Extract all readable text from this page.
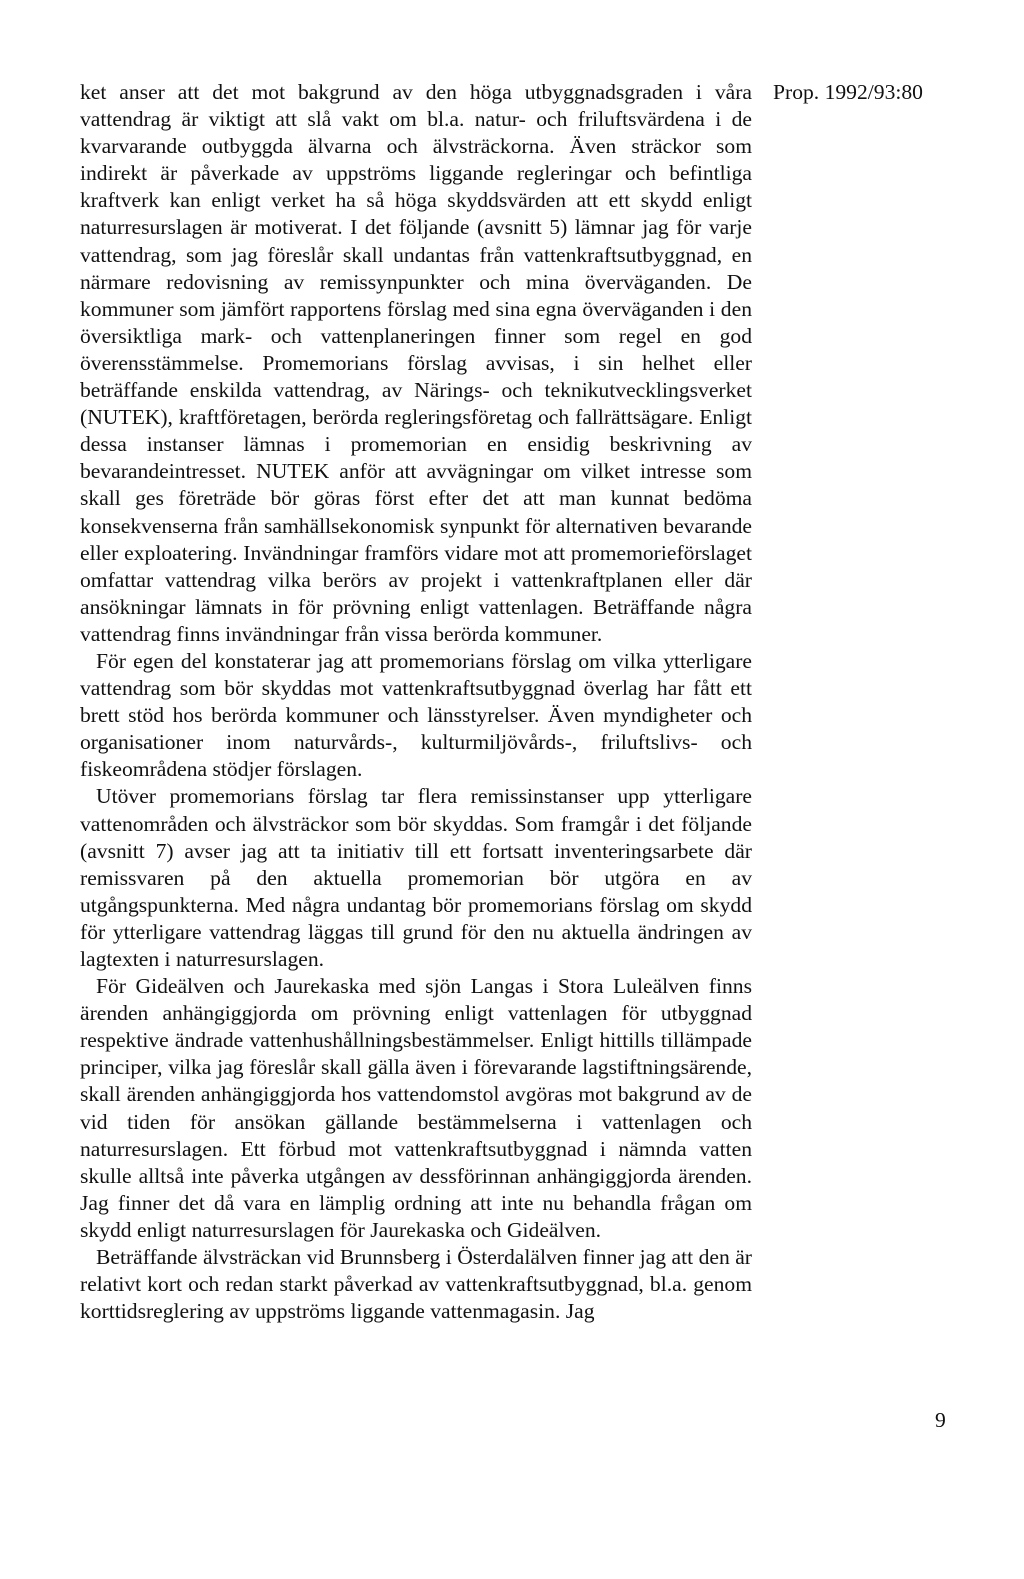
Prop. 1992/93:80

ket anser att det mot bakgrund av den höga utbyggnadsgraden i våra vattendrag är viktigt att slå vakt om bl.a. natur- och friluftsvärdena i de kvarvarande outbyggda älvarna och älvsträckorna. Även sträckor som indirekt är påverkade av uppströms liggande regleringar och befintliga kraftverk kan enligt verket ha så höga skyddsvärden att ett skydd enligt naturresurslagen är motiverat. I det följande (avsnitt 5) lämnar jag för varje vattendrag, som jag föreslår skall undantas från vattenkraftsutbyggnad, en närmare redovisning av remissynpunkter och mina överväganden. De kommuner som jämfört rapportens förslag med sina egna överväganden i den översiktliga mark- och vattenplaneringen finner som regel en god överensstämmelse. Promemorians förslag avvisas, i sin helhet eller beträffande enskilda vattendrag, av Närings- och teknikutvecklingsverket (NUTEK), kraftföretagen, berörda regleringsföretag och fallrättsägare. Enligt dessa instanser lämnas i promemorian en ensidig beskrivning av bevarandeintresset. NUTEK anför att avvägningar om vilket intresse som skall ges företräde bör göras först efter det att man kunnat bedöma konsekvenserna från samhällsekonomisk synpunkt för alternativen bevarande eller exploatering. Invändningar framförs vidare mot att promemorieförslaget omfattar vattendrag vilka berörs av projekt i vattenkraftplanen eller där ansökningar lämnats in för prövning enligt vattenlagen. Beträffande några vattendrag finns invändningar från vissa berörda kommuner.

För egen del konstaterar jag att promemorians förslag om vilka ytterligare vattendrag som bör skyddas mot vattenkraftsutbyggnad överlag har fått ett brett stöd hos berörda kommuner och länsstyrelser. Även myndigheter och organisationer inom naturvårds-, kulturmiljövårds-, friluftslivs- och fiskeområdena stödjer förslagen.

Utöver promemorians förslag tar flera remissinstanser upp ytterligare vattenområden och älvsträckor som bör skyddas. Som framgår i det följande (avsnitt 7) avser jag att ta initiativ till ett fortsatt inventeringsarbete där remissvaren på den aktuella promemorian bör utgöra en av utgångspunkterna. Med några undantag bör promemorians förslag om skydd för ytterligare vattendrag läggas till grund för den nu aktuella ändringen av lagtexten i naturresurslagen.

För Gideälven och Jaurekaska med sjön Langas i Stora Luleälven finns ärenden anhängiggjorda om prövning enligt vattenlagen för utbyggnad respektive ändrade vattenhushållningsbestämmelser. Enligt hittills tillämpade principer, vilka jag föreslår skall gälla även i förevarande lagstiftningsärende, skall ärenden anhängiggjorda hos vattendomstol avgöras mot bakgrund av de vid tiden för ansökan gällande bestämmelserna i vattenlagen och naturresurslagen. Ett förbud mot vattenkraftsutbyggnad i nämnda vatten skulle alltså inte påverka utgången av dessförinnan anhängiggjorda ärenden. Jag finner det då vara en lämplig ordning att inte nu behandla frågan om skydd enligt naturresurslagen för Jaurekaska och Gideälven.

Beträffande älvsträckan vid Brunnsberg i Österdalälven finner jag att den är relativt kort och redan starkt påverkad av vattenkraftsutbyggnad, bl.a. genom korttidsreglering av uppströms liggande vattenmagasin. Jag

9
